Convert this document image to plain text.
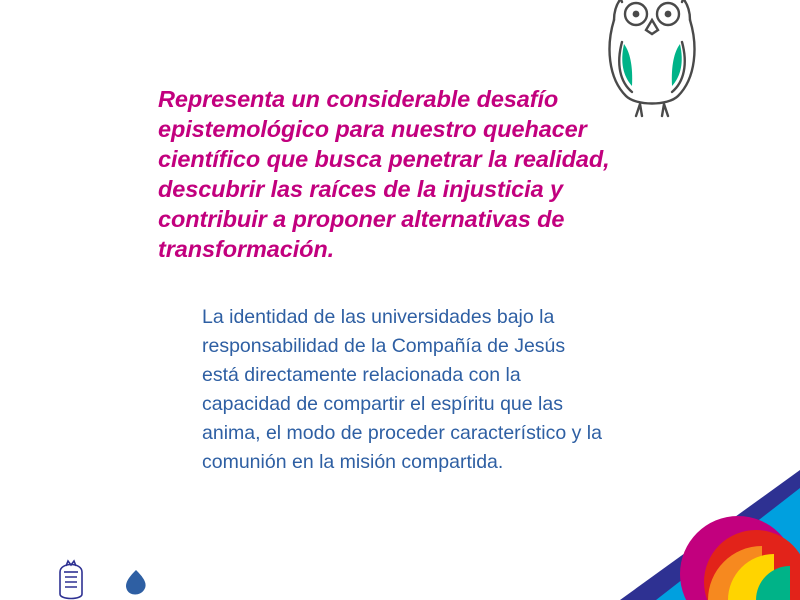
Representa un considerable desafío epistemológico para nuestro quehacer científico que busca penetrar la realidad, descubrir las raíces de la injusticia y contribuir a proponer alternativas de transformación.
La identidad de las universidades bajo la responsabilidad de la Compañía de Jesús está directamente relacionada con la capacidad de compartir el espíritu que las anima, el modo de proceder característico y la comunión en la misión compartida.
